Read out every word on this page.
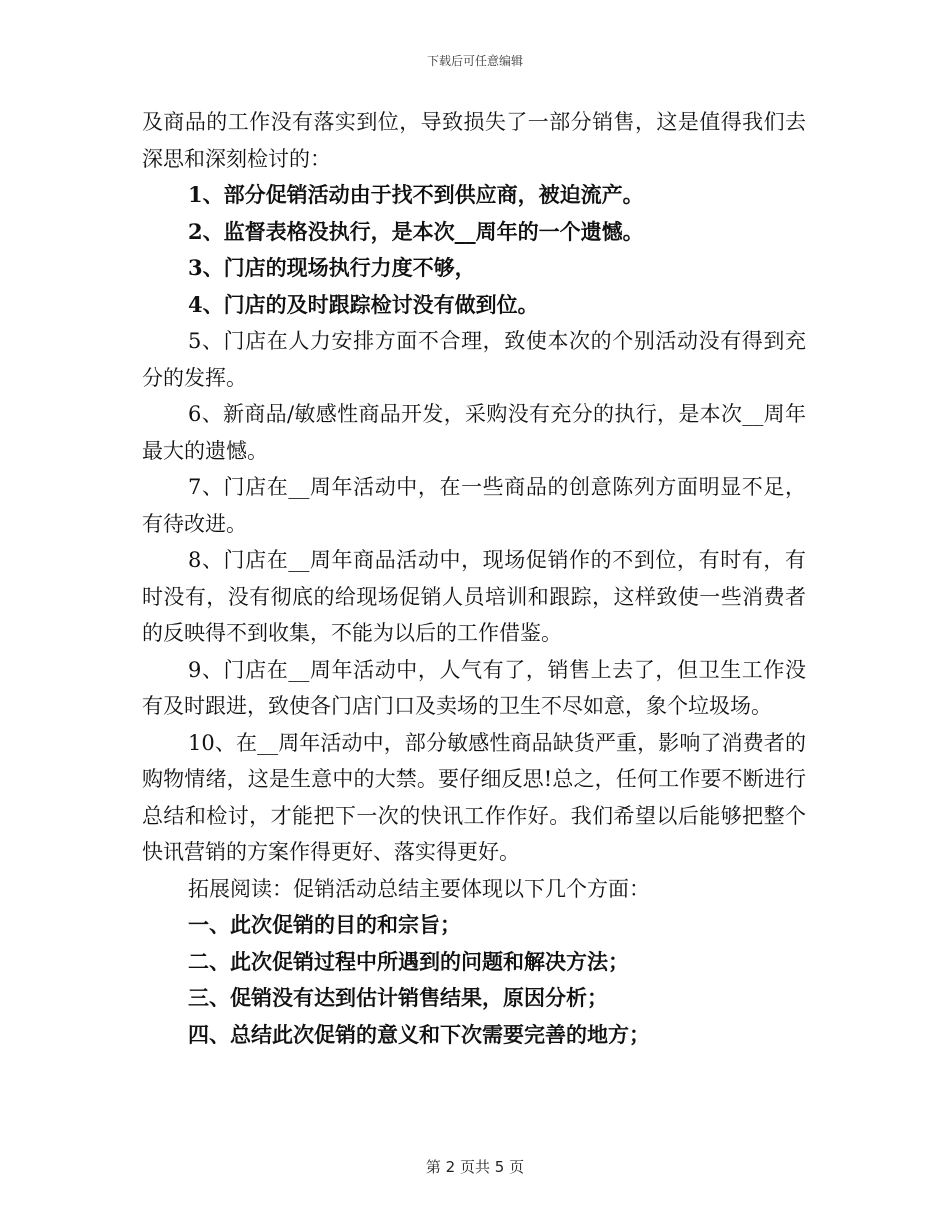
下载后可任意编辑

及商品的工作没有落实到位，导致损失了一部分销售，这是值得我们去深思和深刻检讨的：

1、部分促销活动由于找不到供应商，被迫流产。

2、监督表格没执行，是本次__周年的一个遗憾。

3、门店的现场执行力度不够，

4、门店的及时跟踪检讨没有做到位。

5、门店在人力安排方面不合理，致使本次的个别活动没有得到充分的发挥。

6、新商品/敏感性商品开发，采购没有充分的执行，是本次__周年最大的遗憾。

7、门店在__周年活动中，在一些商品的创意陈列方面明显不足，有待改进。

8、门店在__周年商品活动中，现场促销作的不到位，有时有，有时没有，没有彻底的给现场促销人员培训和跟踪，这样致使一些消费者的反映得不到收集，不能为以后的工作借鉴。

9、门店在__周年活动中，人气有了，销售上去了，但卫生工作没有及时跟进，致使各门店门口及卖场的卫生不尽如意，象个垃圾场。

10、在__周年活动中，部分敏感性商品缺货严重，影响了消费者的购物情绪，这是生意中的大禁。要仔细反思!总之，任何工作要不断进行总结和检讨，才能把下一次的快讯工作作好。我们希望以后能够把整个快讯营销的方案作得更好、落实得更好。

拓展阅读：促销活动总结主要体现以下几个方面：

一、此次促销的目的和宗旨；

二、此次促销过程中所遇到的问题和解决方法；

三、促销没有达到估计销售结果，原因分析；

四、总结此次促销的意义和下次需要完善的地方；

第 2 页共 5 页
